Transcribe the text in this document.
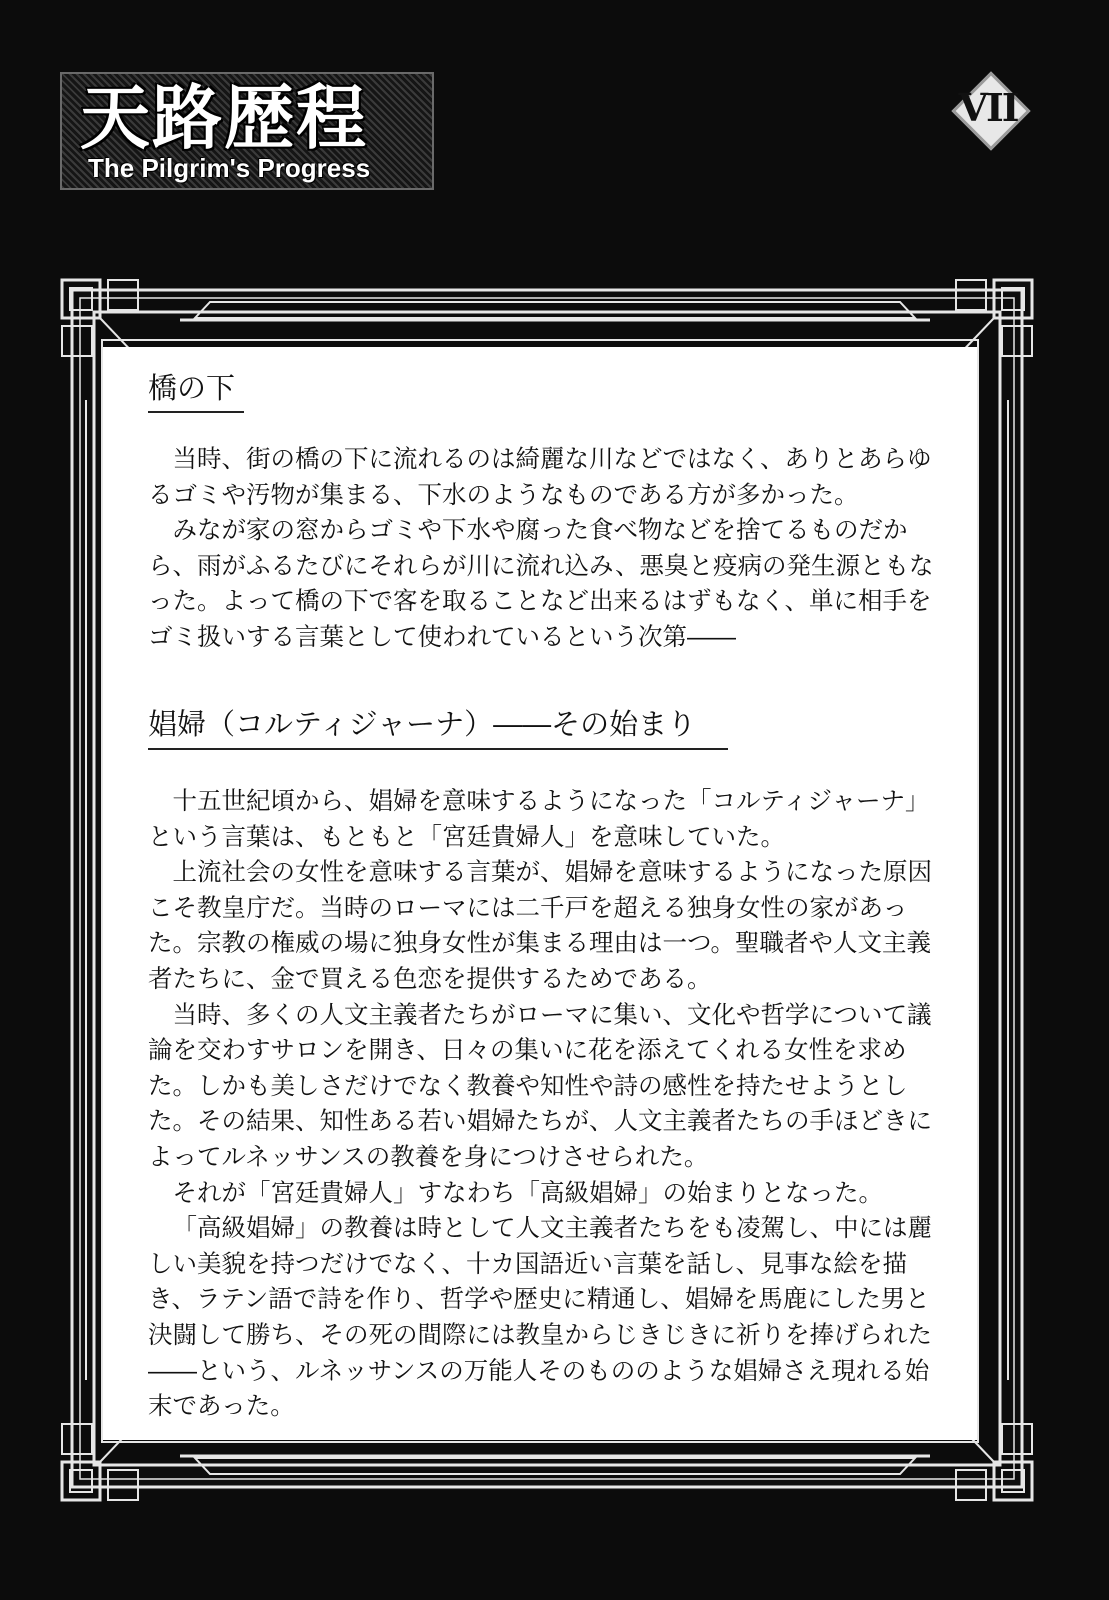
天路歴程
The Pilgrim's Progress
VII
橋の下

当時、街の橋の下に流れるのは綺麗な川などではなく、ありとあらゆるゴミや汚物が集まる、下水のようなものである方が多かった。

みなが家の窓からゴミや下水や腐った食べ物などを捨てるものだから、雨がふるたびにそれらが川に流れ込み、悪臭と疫病の発生源ともなった。よって橋の下で客を取ることなど出来るはずもなく、単に相手をゴミ扱いする言葉として使われているという次第――

娼婦（コルティジャーナ）――その始まり

十五世紀頃から、娼婦を意味するようになった「コルティジャーナ」という言葉は、もともと「宮廷貴婦人」を意味していた。

上流社会の女性を意味する言葉が、娼婦を意味するようになった原因こそ教皇庁だ。当時のローマには二千戸を超える独身女性の家があった。宗教の権威の場に独身女性が集まる理由は一つ。聖職者や人文主義者たちに、金で買える色恋を提供するためである。

当時、多くの人文主義者たちがローマに集い、文化や哲学について議論を交わすサロンを開き、日々の集いに花を添えてくれる女性を求めた。しかも美しさだけでなく教養や知性や詩の感性を持たせようとした。その結果、知性ある若い娼婦たちが、人文主義者たちの手ほどきによってルネッサンスの教養を身につけさせられた。

それが「宮廷貴婦人」すなわち「高級娼婦」の始まりとなった。

「高級娼婦」の教養は時として人文主義者たちをも凌駕し、中には麗しい美貌を持つだけでなく、十カ国語近い言葉を話し、見事な絵を描き、ラテン語で詩を作り、哲学や歴史に精通し、娼婦を馬鹿にした男と決闘して勝ち、その死の間際には教皇からじきじきに祈りを捧げられた――という、ルネッサンスの万能人そのもののような娼婦さえ現れる始末であった。
